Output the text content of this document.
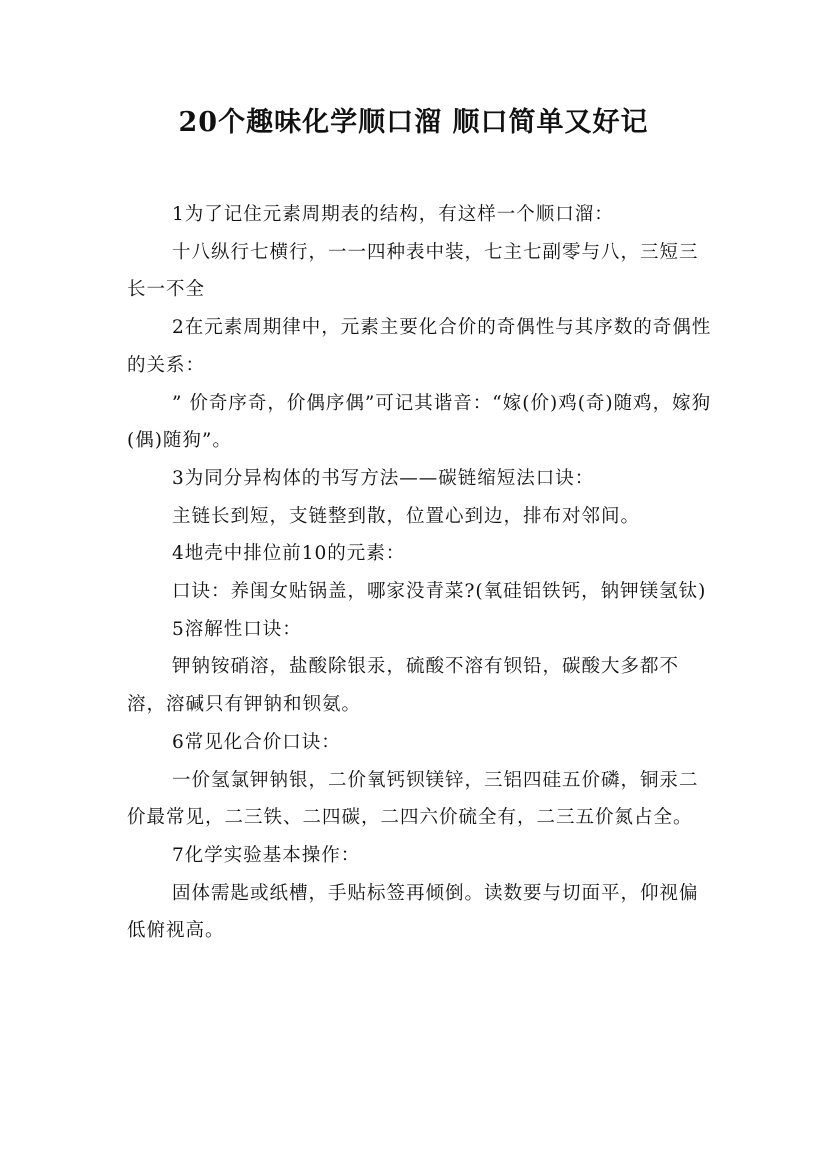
20个趣味化学顺口溜 顺口简单又好记

1为了记住元素周期表的结构，有这样一个顺口溜：

十八纵行七横行，一一四种表中装，七主七副零与八，三短三长一不全

2在元素周期律中，元素主要化合价的奇偶性与其序数的奇偶性的关系：

” 价奇序奇，价偶序偶”可记其谐音：“嫁(价)鸡(奇)随鸡，嫁狗(偶)随狗”。

3为同分异构体的书写方法——碳链缩短法口诀：

主链长到短，支链整到散，位置心到边，排布对邻间。

4地壳中排位前10的元素：

口诀：养闺女贴锅盖，哪家没青菜?(氧硅铝铁钙，钠钾镁氢钛)

5溶解性口诀：

钾钠铵硝溶，盐酸除银汞，硫酸不溶有钡铅，碳酸大多都不溶，溶碱只有钾钠和钡氨。

6常见化合价口诀：

一价氢氯钾钠银，二价氧钙钡镁锌，三铝四硅五价磷，铜汞二价最常见，二三铁、二四碳，二四六价硫全有，二三五价氮占全。

7化学实验基本操作：

固体需匙或纸槽，手贴标签再倾倒。读数要与切面平，仰视偏低俯视高。
